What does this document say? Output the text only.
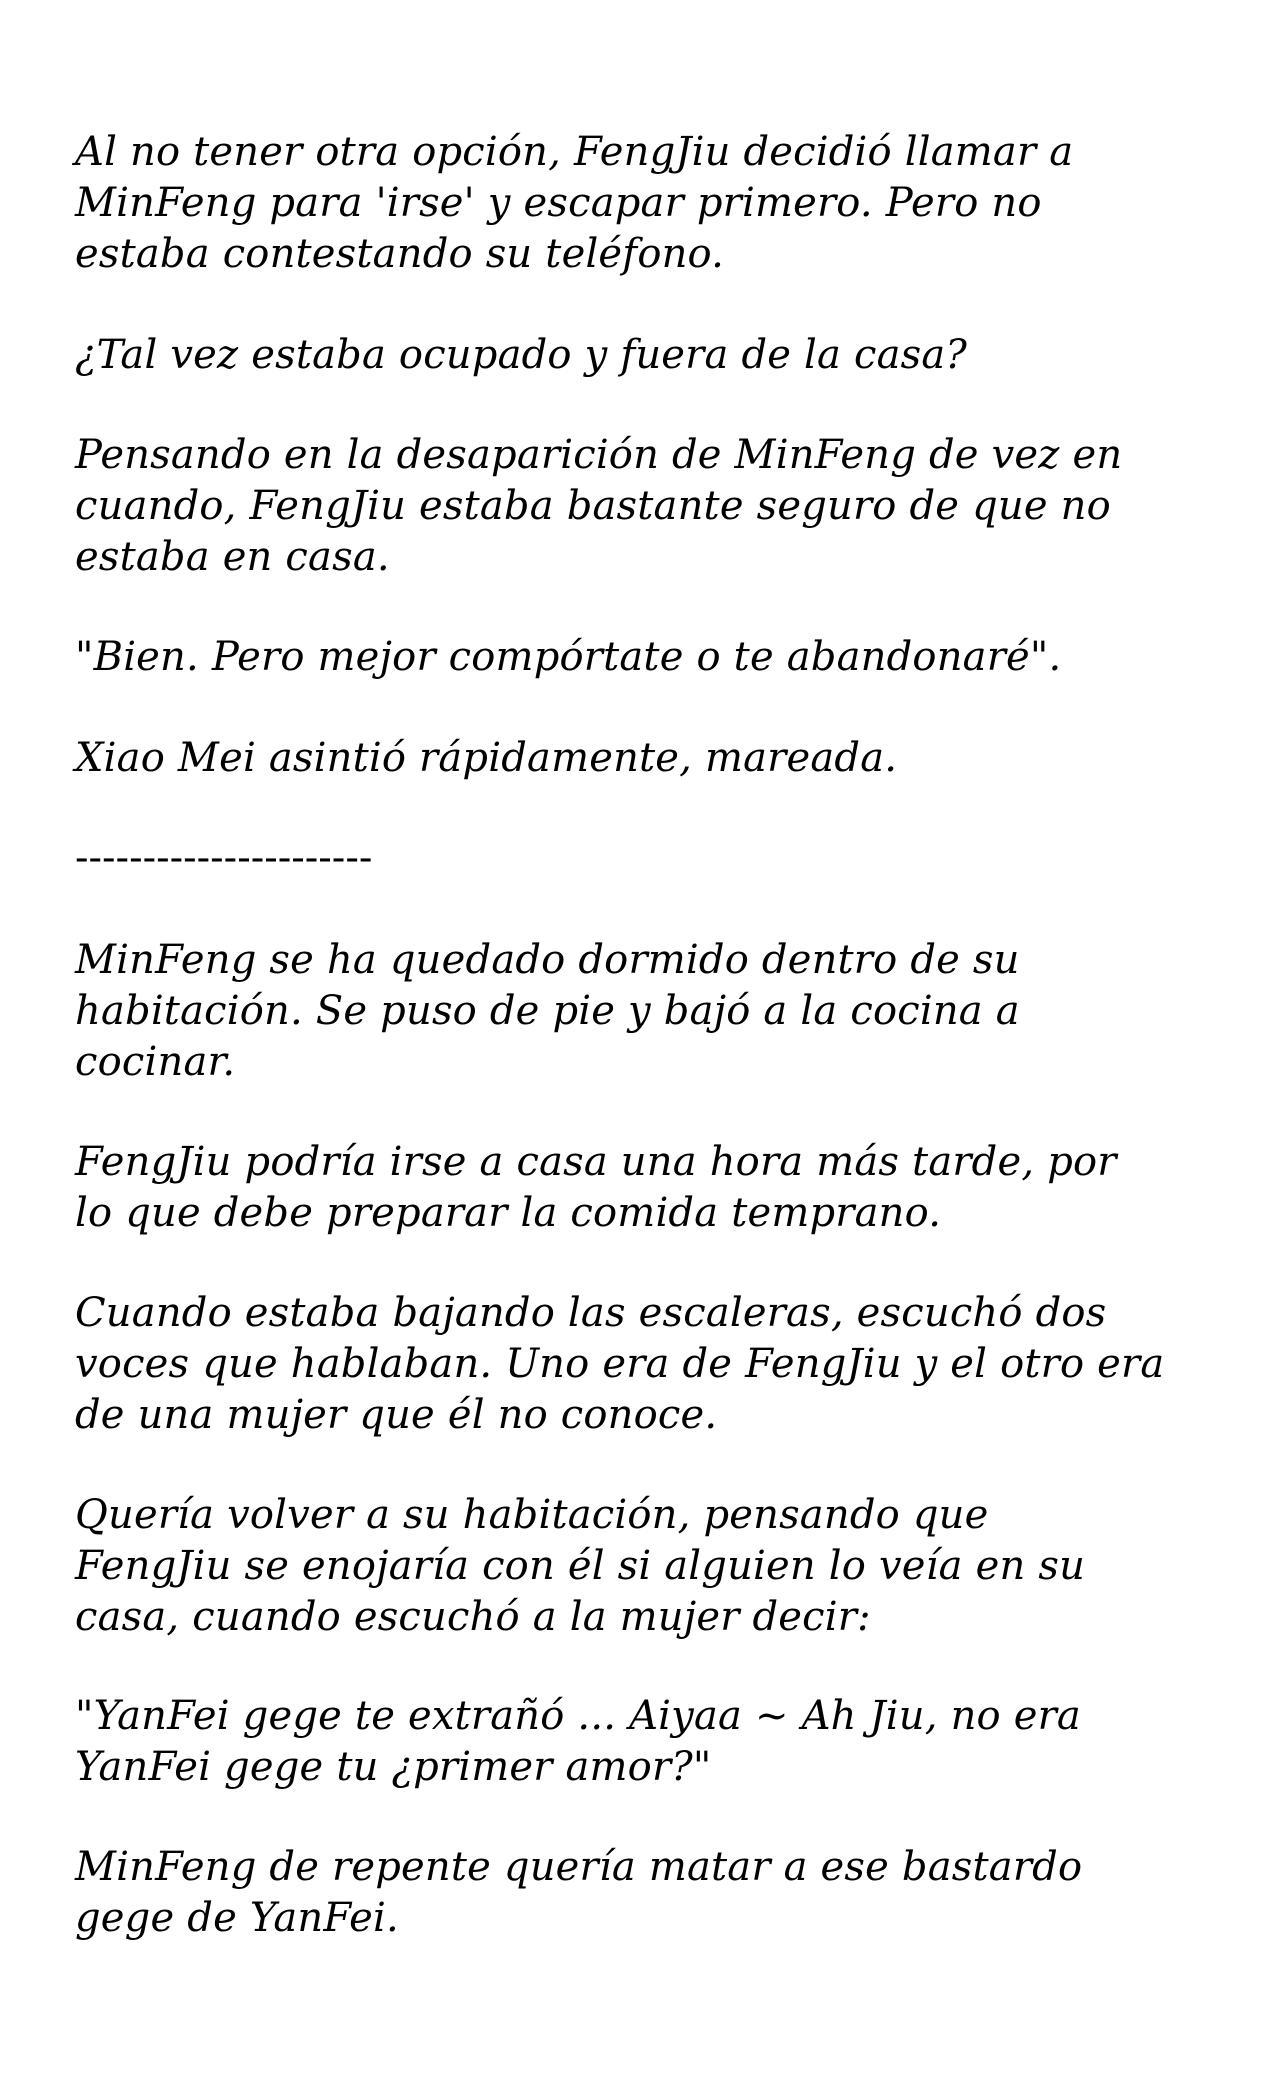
Al no tener otra opción, FengJiu decidió llamar a
MinFeng para 'irse' y escapar primero. Pero no
estaba contestando su teléfono.

¿Tal vez estaba ocupado y fuera de la casa?

Pensando en la desaparición de MinFeng de vez en
cuando, FengJiu estaba bastante seguro de que no
estaba en casa.

"Bien. Pero mejor compórtate o te abandonaré".

Xiao Mei asintió rápidamente, mareada.

----------------------

MinFeng se ha quedado dormido dentro de su
habitación. Se puso de pie y bajó a la cocina a
cocinar.

FengJiu podría irse a casa una hora más tarde, por
lo que debe preparar la comida temprano.

Cuando estaba bajando las escaleras, escuchó dos
voces que hablaban. Uno era de FengJiu y el otro era
de una mujer que él no conoce.

Quería volver a su habitación, pensando que
FengJiu se enojaría con él si alguien lo veía en su
casa, cuando escuchó a la mujer decir:

"YanFei gege te extrañó ... Aiyaa ~ Ah Jiu, no era
YanFei gege tu ¿primer amor?"

MinFeng de repente quería matar a ese bastardo
gege de YanFei.
